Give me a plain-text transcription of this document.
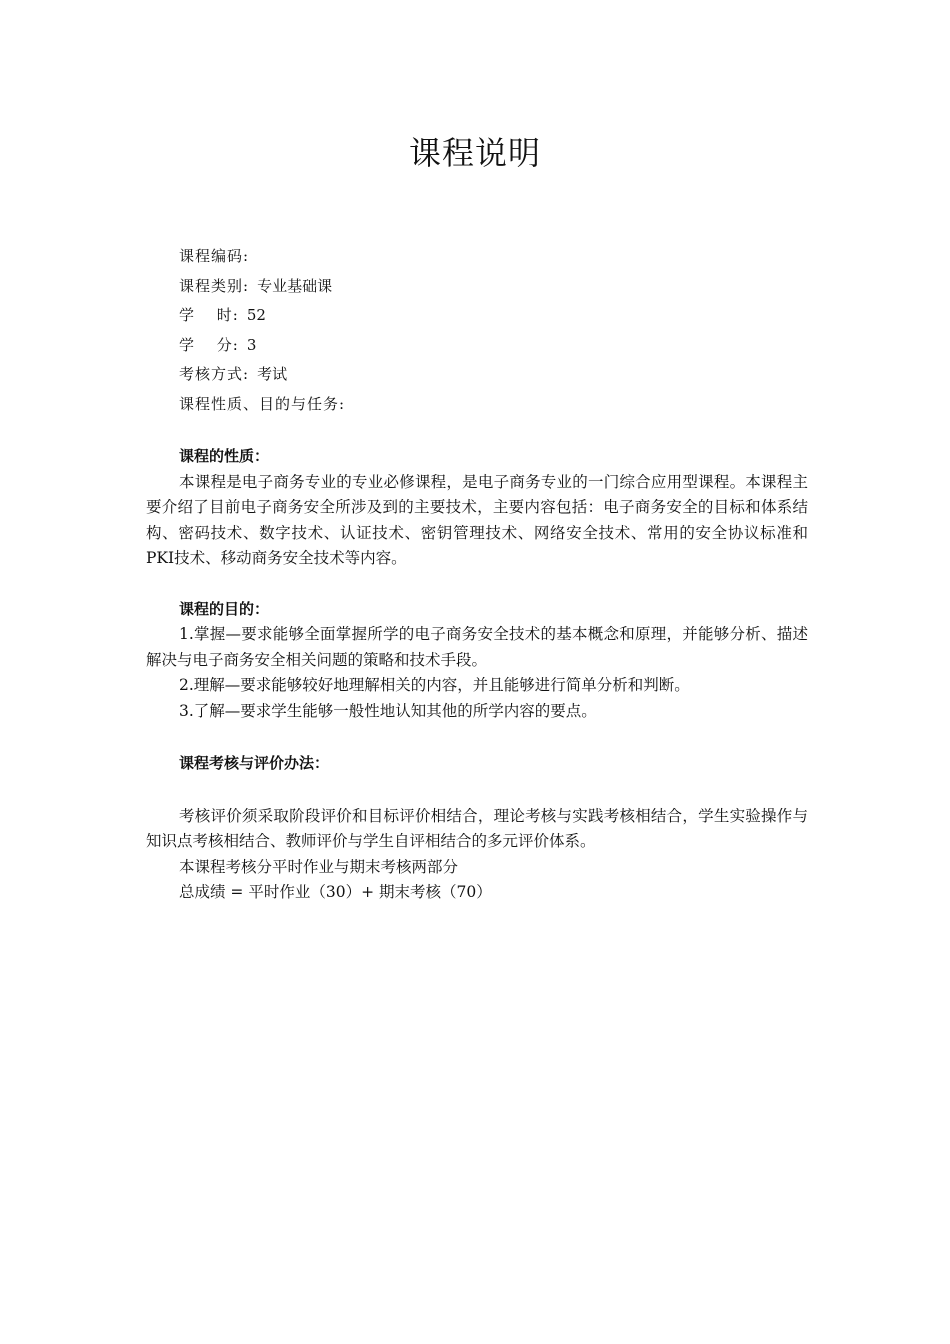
课程说明
课程编码:
课程类别: 专业基础课
学　 时: 52
学　 分: 3
考核方式: 考试
课程性质、目的与任务:
课程的性质：

本课程是电子商务专业的专业必修课程，是电子商务专业的一门综合应用型课程。本课程主要介绍了目前电子商务安全所涉及到的主要技术，主要内容包括：电子商务安全的目标和体系结构、密码技术、数字技术、认证技术、密钥管理技术、网络安全技术、常用的安全协议标准和PKI技术、移动商务安全技术等内容。

课程的目的：

1.掌握—要求能够全面掌握所学的电子商务安全技术的基本概念和原理，并能够分析、描述解决与电子商务安全相关问题的策略和技术手段。

2.理解—要求能够较好地理解相关的内容，并且能够进行简单分析和判断。

3.了解—要求学生能够一般性地认知其他的所学内容的要点。

课程考核与评价办法：

考核评价须采取阶段评价和目标评价相结合，理论考核与实践考核相结合，学生实验操作与知识点考核相结合、教师评价与学生自评相结合的多元评价体系。

本课程考核分平时作业与期末考核两部分

总成绩 = 平时作业（30）+ 期末考核（70）
